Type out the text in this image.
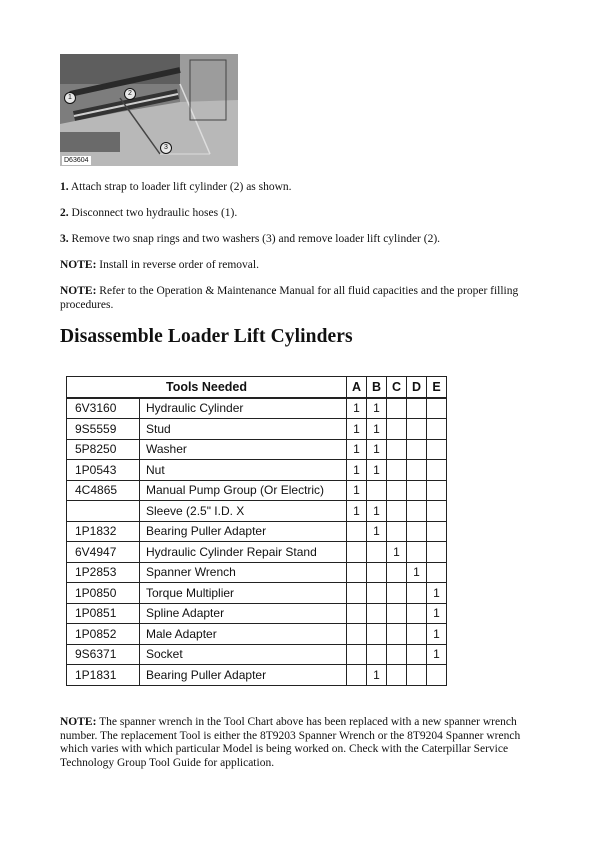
1
2
3
D63604
1. Attach strap to loader lift cylinder (2) as shown.
2. Disconnect two hydraulic hoses (1).
3. Remove two snap rings and two washers (3) and remove loader lift cylinder (2).
NOTE: Install in reverse order of removal.
NOTE: Refer to the Operation & Maintenance Manual for all fluid capacities and the proper filling procedures.
Disassemble Loader Lift Cylinders
Tools Needed		A	B	C	D	E
6V3160	Hydraulic Cylinder	1	1			
9S5559	Stud	1	1			
5P8250	Washer	1	1			
1P0543	Nut	1	1			
4C4865	Manual Pump Group (Or Electric)	1				
	Sleeve (2.5" I.D. X	1	1			
1P1832	Bearing Puller Adapter		1			
6V4947	Hydraulic Cylinder Repair Stand			1		
1P2853	Spanner Wrench				1	
1P0850	Torque Multiplier					1
1P0851	Spline Adapter					1
1P0852	Male Adapter					1
9S6371	Socket					1
1P1831	Bearing Puller Adapter		1			
NOTE: The spanner wrench in the Tool Chart above has been replaced with a new spanner wrench number. The replacement Tool is either the 8T9203 Spanner Wrench or the 8T9204 Spanner wrench which varies with which particular Model is being worked on. Check with the Caterpillar Service Technology Group Tool Guide for application.
